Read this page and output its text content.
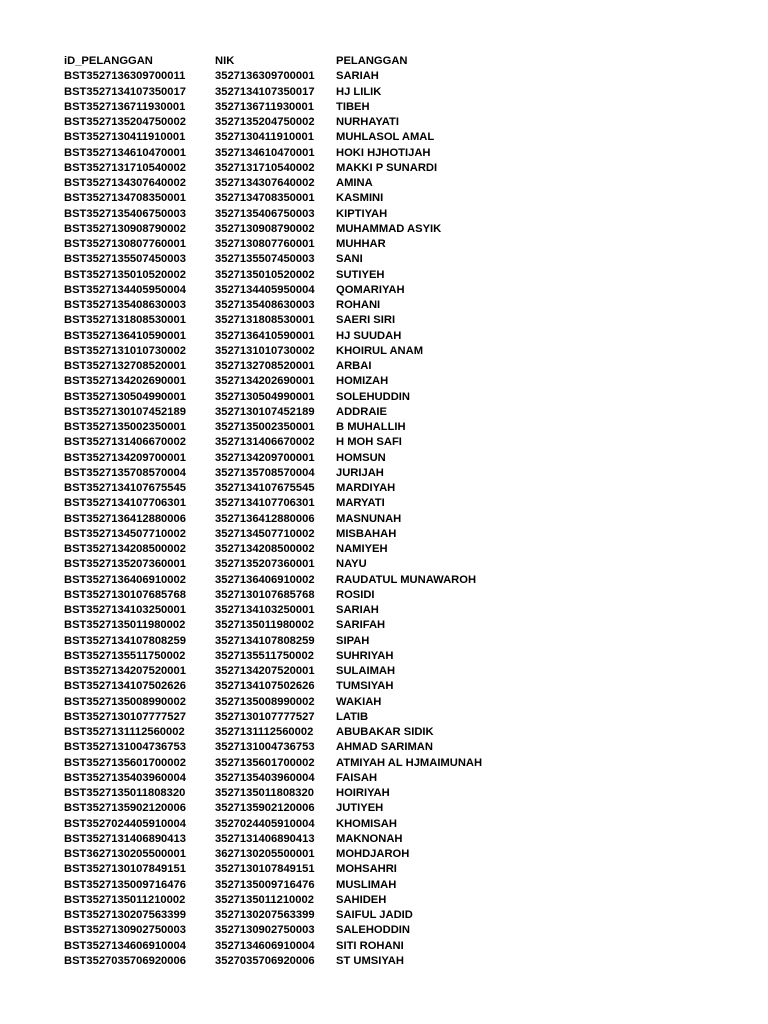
iD_PELANGGAN	NIK	PELANGGAN
BST3527136309700011	3527136309700001	SARIAH
BST3527134107350017	3527134107350017	HJ LILIK
BST3527136711930001	3527136711930001	TIBEH
BST3527135204750002	3527135204750002	NURHAYATI
BST3527130411910001	3527130411910001	MUHLASOL AMAL
BST3527134610470001	3527134610470001	HOKI HJHOTIJAH
BST3527131710540002	3527131710540002	MAKKI P SUNARDI
BST3527134307640002	3527134307640002	AMINA
BST3527134708350001	3527134708350001	KASMINI
BST3527135406750003	3527135406750003	KIPTIYAH
BST3527130908790002	3527130908790002	MUHAMMAD ASYIK
BST3527130807760001	3527130807760001	MUHHAR
BST3527135507450003	3527135507450003	SANI
BST3527135010520002	3527135010520002	SUTIYEH
BST3527134405950004	3527134405950004	QOMARIYAH
BST3527135408630003	3527135408630003	ROHANI
BST3527131808530001	3527131808530001	SAERI SIRI
BST3527136410590001	3527136410590001	HJ SUUDAH
BST3527131010730002	3527131010730002	KHOIRUL ANAM
BST3527132708520001	3527132708520001	ARBAI
BST3527134202690001	3527134202690001	HOMIZAH
BST3527130504990001	3527130504990001	SOLEHUDDIN
BST3527130107452189	3527130107452189	ADDRAIE
BST3527135002350001	3527135002350001	B MUHALLIH
BST3527131406670002	3527131406670002	H MOH SAFI
BST3527134209700001	3527134209700001	HOMSUN
BST3527135708570004	3527135708570004	JURIJAH
BST3527134107675545	3527134107675545	MARDIYAH
BST3527134107706301	3527134107706301	MARYATI
BST3527136412880006	3527136412880006	MASNUNAH
BST3527134507710002	3527134507710002	MISBAHAH
BST3527134208500002	3527134208500002	NAMIYEH
BST3527135207360001	3527135207360001	NAYU
BST3527136406910002	3527136406910002	RAUDATUL MUNAWAROH
BST3527130107685768	3527130107685768	ROSIDI
BST3527134103250001	3527134103250001	SARIAH
BST3527135011980002	3527135011980002	SARIFAH
BST3527134107808259	3527134107808259	SIPAH
BST3527135511750002	3527135511750002	SUHRIYAH
BST3527134207520001	3527134207520001	SULAIMAH
BST3527134107502626	3527134107502626	TUMSIYAH
BST3527135008990002	3527135008990002	WAKIAH
BST3527130107777527	3527130107777527	LATIB
BST3527131112560002	3527131112560002	ABUBAKAR SIDIK
BST3527131004736753	3527131004736753	AHMAD SARIMAN
BST3527135601700002	3527135601700002	ATMIYAH AL HJMAIMUNAH
BST3527135403960004	3527135403960004	FAISAH
BST3527135011808320	3527135011808320	HOIRIYAH
BST3527135902120006	3527135902120006	JUTIYEH
BST3527024405910004	3527024405910004	KHOMISAH
BST3527131406890413	3527131406890413	MAKNONAH
BST3627130205500001	3627130205500001	MOHDJAROH
BST3527130107849151	3527130107849151	MOHSAHRI
BST3527135009716476	3527135009716476	MUSLIMAH
BST3527135011210002	3527135011210002	SAHIDEH
BST3527130207563399	3527130207563399	SAIFUL JADID
BST3527130902750003	3527130902750003	SALEHODDIN
BST3527134606910004	3527134606910004	SITI ROHANI
BST3527035706920006	3527035706920006	ST UMSIYAH
